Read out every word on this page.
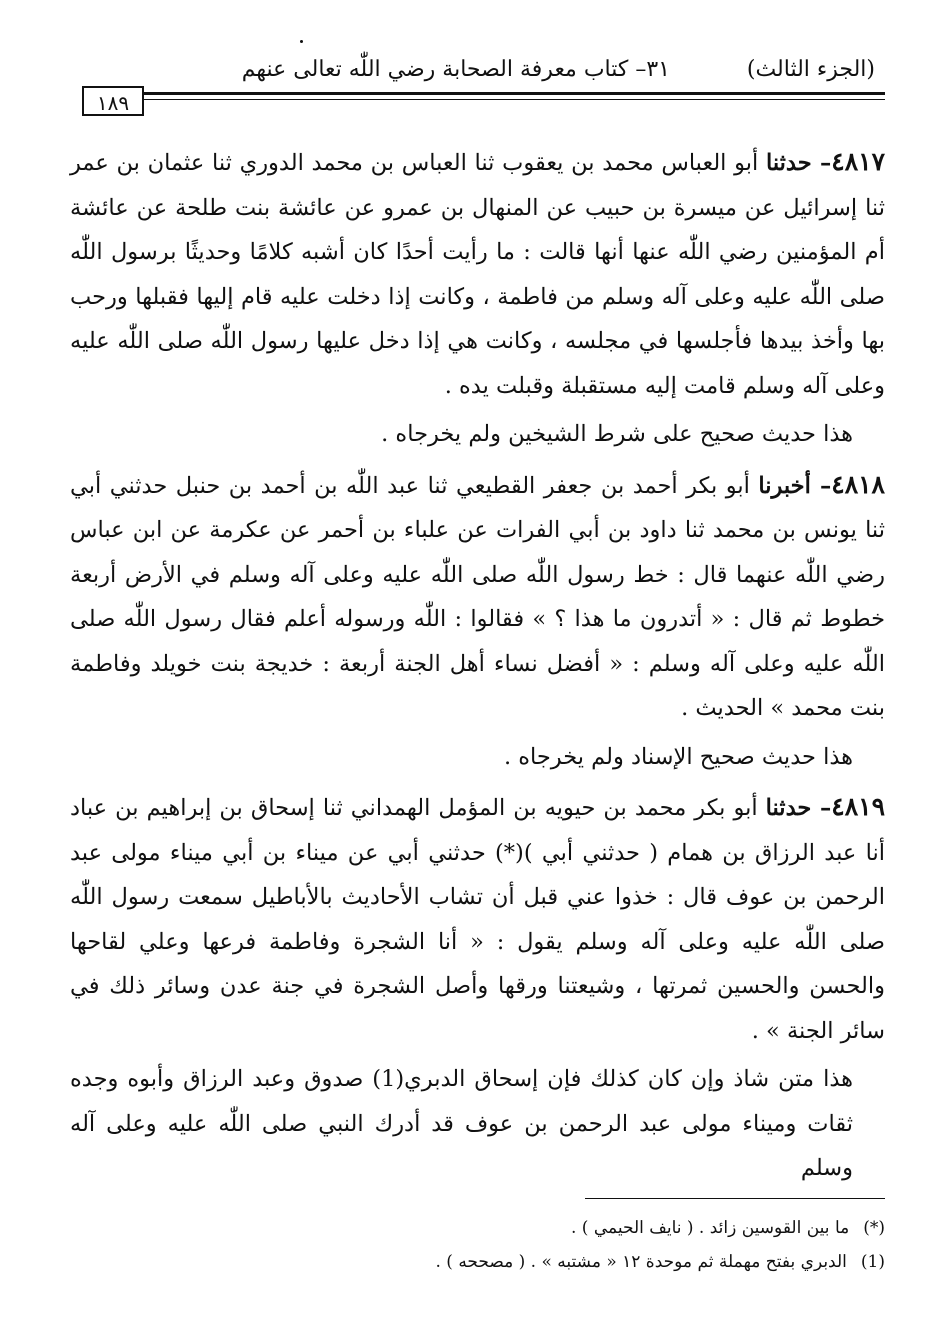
(الجزء الثالث)
٣١– كتاب معرفة الصحابة رضي اللّٰه تعالى عنهم
١٨٩

٤٨١٧– حدثنا أبو العباس محمد بن يعقوب ثنا العباس بن محمد الدوري ثنا عثمان بن عمر ثنا إسرائيل عن ميسرة بن حبيب عن المنهال بن عمرو عن عائشة بنت طلحة عن عائشة أم المؤمنين رضي اللّٰه عنها أنها قالت : ما رأيت أحدًا كان أشبه كلامًا وحديثًا برسول اللّٰه صلى اللّٰه عليه وعلى آله وسلم من فاطمة ، وكانت إذا دخلت عليه قام إليها فقبلها ورحب بها وأخذ بيدها فأجلسها في مجلسه ، وكانت هي إذا دخل عليها رسول اللّٰه صلى اللّٰه عليه وعلى آله وسلم قامت إليه مستقبلة وقبلت يده .

هذا حديث صحيح على شرط الشيخين ولم يخرجاه .

٤٨١٨– أخبرنا أبو بكر أحمد بن جعفر القطيعي ثنا عبد اللّٰه بن أحمد بن حنبل حدثني أبي ثنا يونس بن محمد ثنا داود بن أبي الفرات عن علباء بن أحمر عن عكرمة عن ابن عباس رضي اللّٰه عنهما قال : خط رسول اللّٰه صلى اللّٰه عليه وعلى آله وسلم في الأرض أربعة خطوط ثم قال : « أتدرون ما هذا ؟ » فقالوا : اللّٰه ورسوله أعلم فقال رسول اللّٰه صلى اللّٰه عليه وعلى آله وسلم : « أفضل نساء أهل الجنة أربعة : خديجة بنت خويلد وفاطمة بنت محمد » الحديث .

هذا حديث صحيح الإسناد ولم يخرجاه .

٤٨١٩– حدثنا أبو بكر محمد بن حيويه بن المؤمل الهمداني ثنا إسحاق بن إبراهيم بن عباد أنا عبد الرزاق بن همام ( حدثني أبي )(*) حدثني أبي عن ميناء بن أبي ميناء مولى عبد الرحمن بن عوف قال : خذوا عني قبل أن تشاب الأحاديث بالأباطيل سمعت رسول اللّٰه صلى اللّٰه عليه وعلى آله وسلم يقول : « أنا الشجرة وفاطمة فرعها وعلي لقاحها والحسن والحسين ثمرتها ، وشيعتنا ورقها وأصل الشجرة في جنة عدن وسائر ذلك في سائر الجنة » .

هذا متن شاذ وإن كان كذلك فإن إسحاق الدبري(1) صدوق وعبد الرزاق وأبوه وجده ثقات وميناء مولى عبد الرحمن بن عوف قد أدرك النبي صلى اللّٰه عليه وعلى آله وسلم

(*)ما بين القوسين زائد . ( نايف الحيمي ) .
(1)الدبري بفتح مهملة ثم موحدة ١٢ « مشتبه » . ( مصححه ) .
